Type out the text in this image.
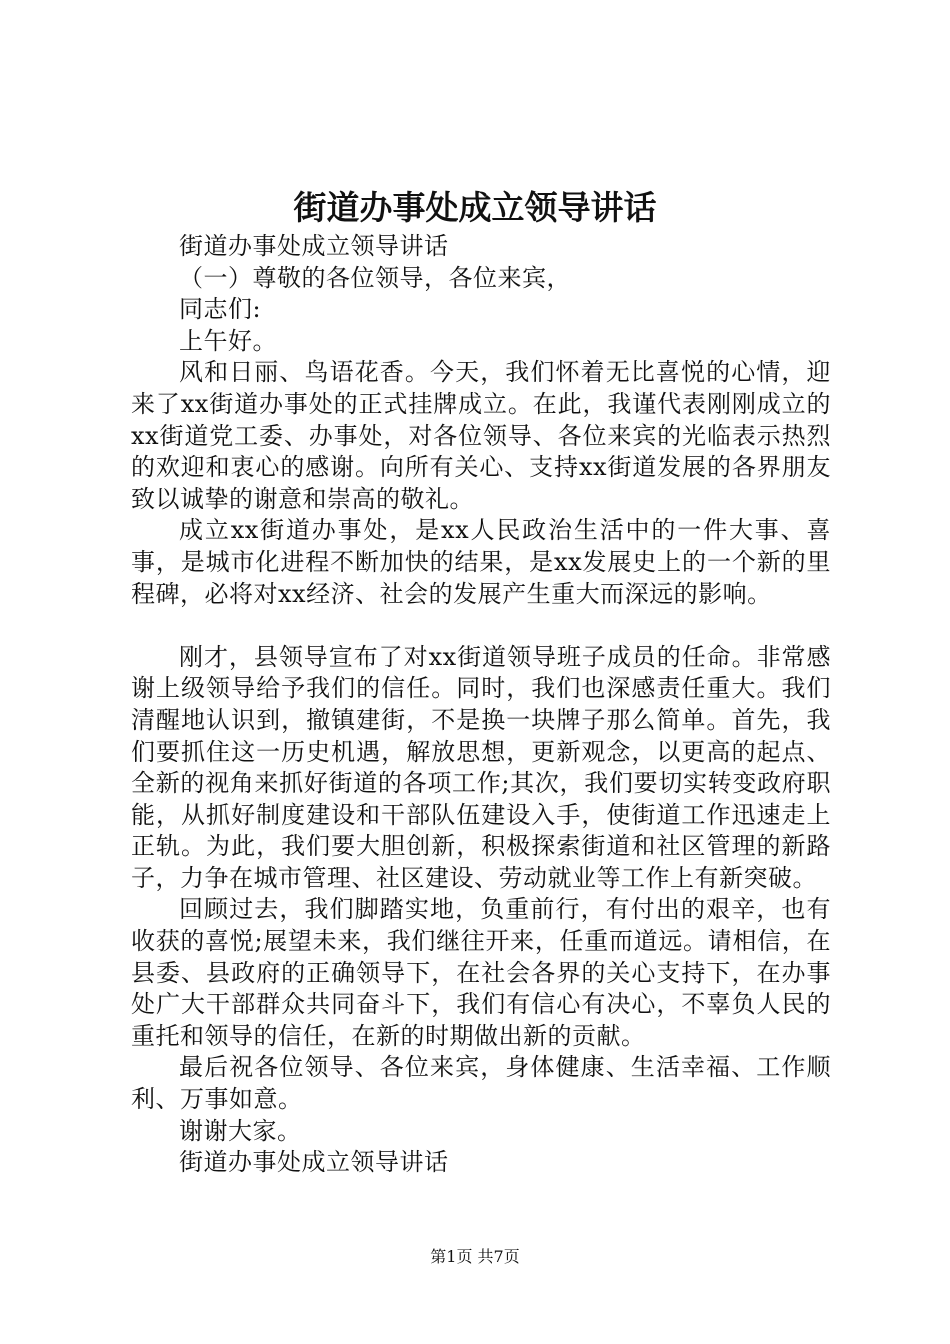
街道办事处成立领导讲话

街道办事处成立领导讲话

（一）尊敬的各位领导，各位来宾，

同志们:

上午好。

风和日丽、鸟语花香。今天，我们怀着无比喜悦的心情，迎来了xx街道办事处的正式挂牌成立。在此，我谨代表刚刚成立的xx街道党工委、办事处，对各位领导、各位来宾的光临表示热烈的欢迎和衷心的感谢。向所有关心、支持xx街道发展的各界朋友致以诚挚的谢意和崇高的敬礼。

成立xx街道办事处，是xx人民政治生活中的一件大事、喜事，是城市化进程不断加快的结果，是xx发展史上的一个新的里程碑，必将对xx经济、社会的发展产生重大而深远的影响。

刚才，县领导宣布了对xx街道领导班子成员的任命。非常感谢上级领导给予我们的信任。同时，我们也深感责任重大。我们清醒地认识到，撤镇建街，不是换一块牌子那么简单。首先，我们要抓住这一历史机遇，解放思想，更新观念，以更高的起点、全新的视角来抓好街道的各项工作;其次，我们要切实转变政府职能，从抓好制度建设和干部队伍建设入手，使街道工作迅速走上正轨。为此，我们要大胆创新，积极探索街道和社区管理的新路子，力争在城市管理、社区建设、劳动就业等工作上有新突破。

回顾过去，我们脚踏实地，负重前行，有付出的艰辛，也有收获的喜悦;展望未来，我们继往开来，任重而道远。请相信，在县委、县政府的正确领导下，在社会各界的关心支持下，在办事处广大干部群众共同奋斗下，我们有信心有决心，不辜负人民的重托和领导的信任，在新的时期做出新的贡献。

最后祝各位领导、各位来宾，身体健康、生活幸福、工作顺利、万事如意。

谢谢大家。

街道办事处成立领导讲话

第1页 共7页
